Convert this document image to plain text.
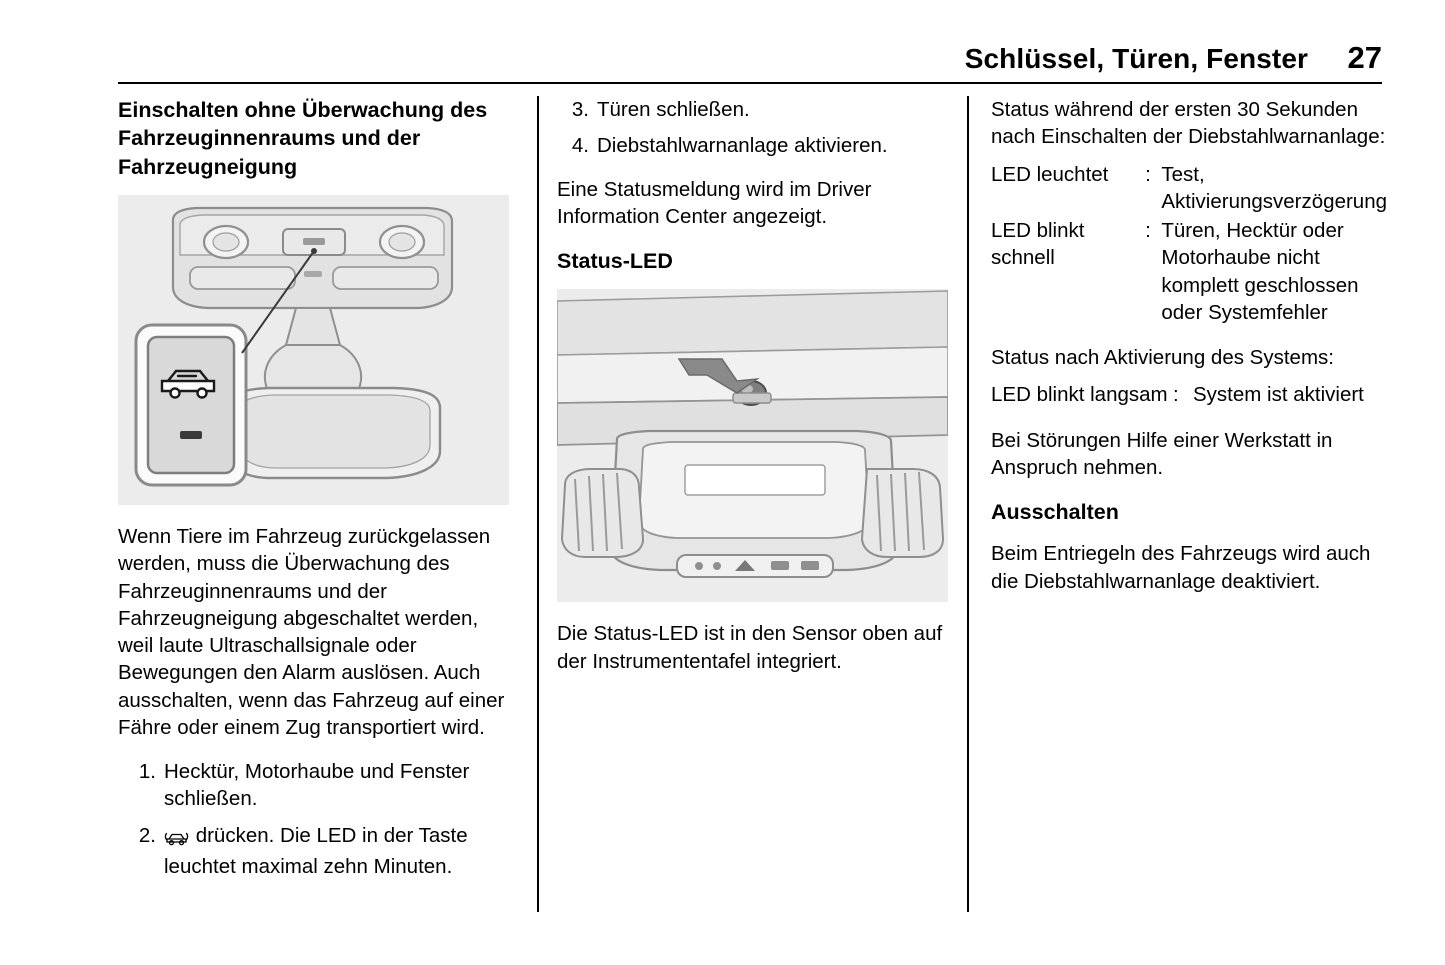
Schlüssel, Türen, Fenster 27
Einschalten ohne Überwachung des Fahrzeuginnenraums und der Fahrzeugneigung

Wenn Tiere im Fahrzeug zurückgelassen werden, muss die Überwachung des Fahrzeuginnenraums und der Fahrzeugneigung abgeschaltet werden, weil laute Ultraschallsignale oder Bewegungen den Alarm auslösen. Auch ausschalten, wenn das Fahrzeug auf einer Fähre oder einem Zug transportiert wird.

1. Hecktür, Motorhaube und Fenster schließen.
2. drücken. Die LED in der Taste leuchtet maximal zehn Minuten.
3. Türen schließen.
4. Diebstahlwarnanlage aktivieren.

Eine Statusmeldung wird im Driver Information Center angezeigt.

Status-LED

Die Status-LED ist in den Sensor oben auf der Instrumententafel integriert.

Status während der ersten 30 Sekunden nach Einschalten der Diebstahlwarnanlage:

LED leuchtet	:	Test, Aktivierungsverzögerung
LED blinkt schnell	:	Türen, Hecktür oder Motorhaube nicht komplett geschlossen oder Systemfehler

Status nach Aktivierung des Systems:

LED blinkt langsam	:	System ist aktiviert

Bei Störungen Hilfe einer Werkstatt in Anspruch nehmen.

Ausschalten

Beim Entriegeln des Fahrzeugs wird auch die Diebstahlwarnanlage deaktiviert.
